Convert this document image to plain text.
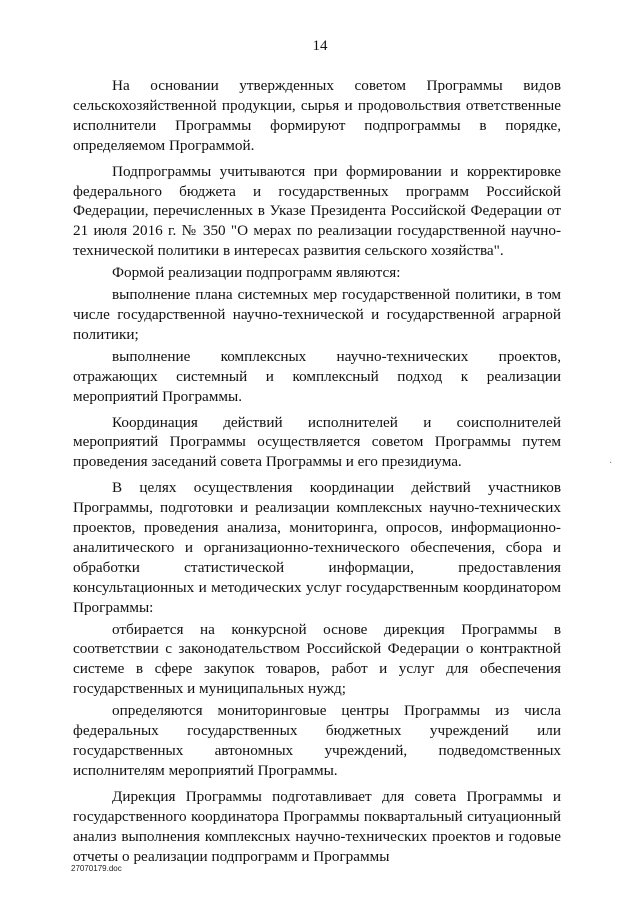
14

На основании утвержденных советом Программы видов сельскохозяйственной продукции, сырья и продовольствия ответственные исполнители Программы формируют подпрограммы в порядке, определяемом Программой.

Подпрограммы учитываются при формировании и корректировке федерального бюджета и государственных программ Российской Федерации, перечисленных в Указе Президента Российской Федерации от 21 июля 2016 г. № 350 "О мерах по реализации государственной научно-технической политики в интересах развития сельского хозяйства".

Формой реализации подпрограмм являются:

выполнение плана системных мер государственной политики, в том числе государственной научно-технической и государственной аграрной политики;

выполнение комплексных научно-технических проектов, отражающих системный и комплексный подход к реализации мероприятий Программы.

Координация действий исполнителей и соисполнителей мероприятий Программы осуществляется советом Программы путем проведения заседаний совета Программы и его президиума.

В целях осуществления координации действий участников Программы, подготовки и реализации комплексных научно-технических проектов, проведения анализа, мониторинга, опросов, информационно-аналитического и организационно-технического обеспечения, сбора и обработки статистической информации, предоставления консультационных и методических услуг государственным координатором Программы:

отбирается на конкурсной основе дирекция Программы в соответствии с законодательством Российской Федерации о контрактной системе в сфере закупок товаров, работ и услуг для обеспечения государственных и муниципальных нужд;

определяются мониторинговые центры Программы из числа федеральных государственных бюджетных учреждений или государственных автономных учреждений, подведомственных исполнителям мероприятий Программы.

Дирекция Программы подготавливает для совета Программы и государственного координатора Программы поквартальный ситуационный анализ выполнения комплексных научно-технических проектов и годовые отчеты о реализации подпрограмм и Программы

·
27070179.doc
